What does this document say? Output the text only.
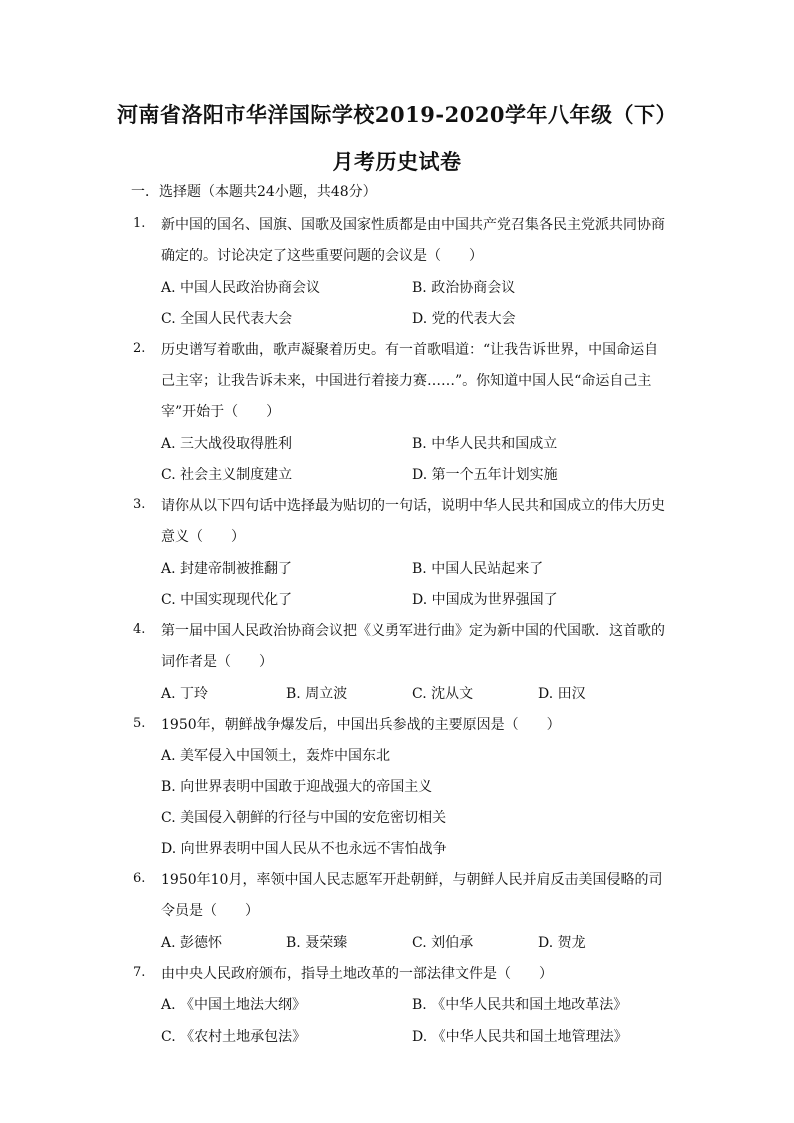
河南省洛阳市华洋国际学校2019-2020学年八年级（下）
月考历史试卷
一．选择题（本题共24小题，共48分）
1. 新中国的国名、国旗、国歌及国家性质都是由中国共产党召集各民主党派共同协商
确定的。讨论决定了这些重要问题的会议是（　　）
A. 中国人民政治协商会议	B. 政治协商会议
C. 全国人民代表大会	D. 党的代表大会
2. 历史谱写着歌曲，歌声凝聚着历史。有一首歌唱道：“让我告诉世界，中国命运自
己主宰；让我告诉未来，中国进行着接力赛……”。你知道中国人民“命运自己主
宰”开始于（　　）
A. 三大战役取得胜利	B. 中华人民共和国成立
C. 社会主义制度建立	D. 第一个五年计划实施
3. 请你从以下四句话中选择最为贴切的一句话，说明中华人民共和国成立的伟大历史
意义（　　）
A. 封建帝制被推翻了	B. 中国人民站起来了
C. 中国实现现代化了	D. 中国成为世界强国了
4. 第一届中国人民政治协商会议把《义勇军进行曲》定为新中国的代国歌．这首歌的
词作者是（　　）
A. 丁玲	B. 周立波	C. 沈从文	D. 田汉
5. 1950年，朝鲜战争爆发后，中国出兵参战的主要原因是（　　）
A. 美军侵入中国领土，轰炸中国东北
B. 向世界表明中国敢于迎战强大的帝国主义
C. 美国侵入朝鲜的行径与中国的安危密切相关
D. 向世界表明中国人民从不也永远不害怕战争
6. 1950年10月，率领中国人民志愿军开赴朝鲜，与朝鲜人民并肩反击美国侵略的司
令员是（　　）
A. 彭德怀	B. 聂荣臻	C. 刘伯承	D. 贺龙
7. 由中央人民政府颁布，指导土地改革的一部法律文件是（　　）
A. 《中国土地法大纲》	B. 《中华人民共和国土地改革法》
C. 《农村土地承包法》	D. 《中华人民共和国土地管理法》
